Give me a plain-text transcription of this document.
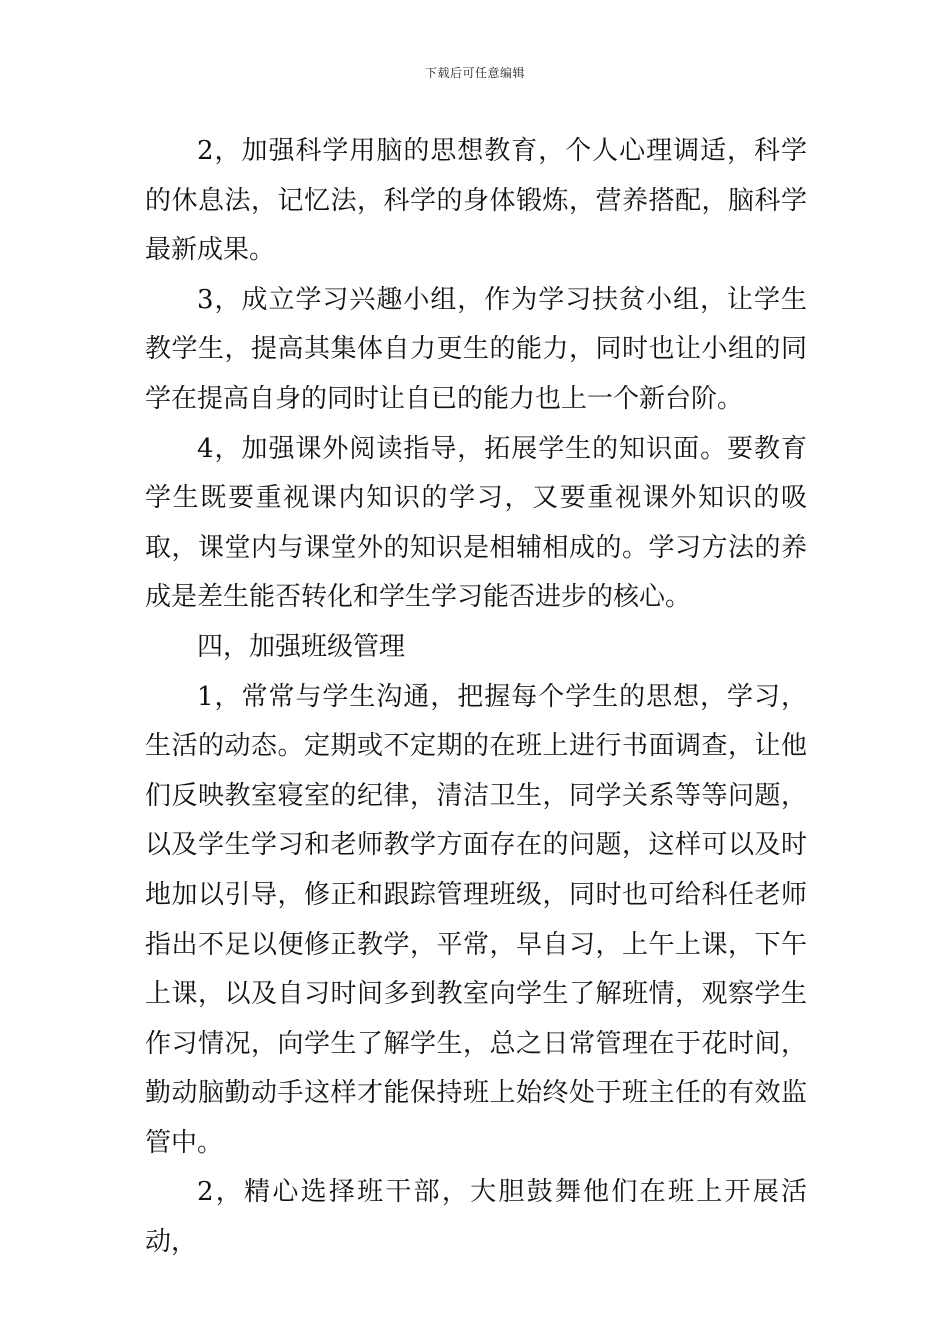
下载后可任意编辑

2，加强科学用脑的思想教育，个人心理调适，科学的休息法，记忆法，科学的身体锻炼，营养搭配，脑科学最新成果。

3，成立学习兴趣小组，作为学习扶贫小组，让学生教学生，提高其集体自力更生的能力，同时也让小组的同学在提高自身的同时让自已的能力也上一个新台阶。

4，加强课外阅读指导，拓展学生的知识面。要教育学生既要重视课内知识的学习，又要重视课外知识的吸取，课堂内与课堂外的知识是相辅相成的。学习方法的养成是差生能否转化和学生学习能否进步的核心。

四，加强班级管理

1，常常与学生沟通，把握每个学生的思想，学习，生活的动态。定期或不定期的在班上进行书面调查，让他们反映教室寝室的纪律，清洁卫生，同学关系等等问题，以及学生学习和老师教学方面存在的问题，这样可以及时地加以引导，修正和跟踪管理班级，同时也可给科任老师指出不足以便修正教学，平常，早自习，上午上课，下午上课，以及自习时间多到教室向学生了解班情，观察学生作习情况，向学生了解学生，总之日常管理在于花时间，勤动脑勤动手这样才能保持班上始终处于班主任的有效监管中。

2，精心选择班干部，大胆鼓舞他们在班上开展活动，
